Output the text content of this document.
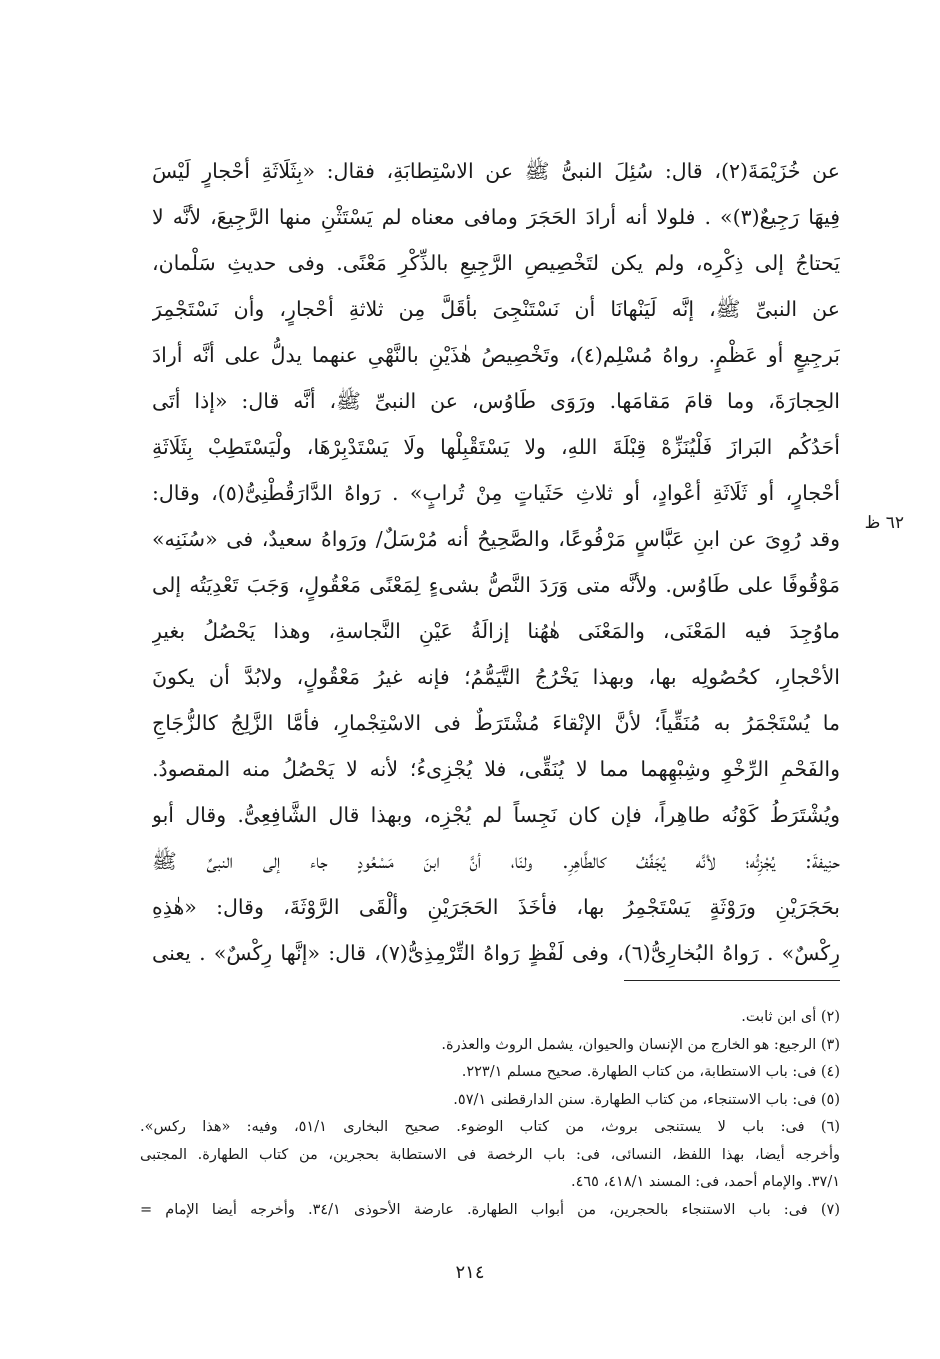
عن خُزَيْمَةَ(٢)، قال: سُئِلَ النبىُّ ﷺ عن الاسْتِطابَةِ، فقال: «بِثَلَاثَةِ أحْجارٍ لَيْسَ
فِيهَا رَجِيعٌ(٣)» . فلولا أنه أرادَ الحَجَرَ ومافى معناه لم يَسْتَثْنِ منها الرَّجِيعَ، لأنَّه لا
يَحتاجُ إلى ذِكْرِه، ولم يكن لتَخْصِيصِ الرَّجِيعِ بالذِّكْرِ مَعْنًى. وفى حديثِ سَلْمان،
عن النبىِّ ﷺ، إنَّه لَيَنْهانَا أن نَسْتَنْجِىَ بأقَلَّ مِن ثلاثةِ أحْجارٍ، وأن نَسْتَجْمِرَ
بَرجِيعٍ أو عَظْمٍ. رواهُ مُسْلِم(٤)، وتَخْصِيصُ هٰذَيْنِ بالنَّهْىِ عنهما يدلُّ على أنَّه أرادَ
الحِجارَةَ، وما قامَ مَقامَها. ورَوَى طَاوُس، عن النبىِّ ﷺ، أنَّه قال: «إذا أتَى
أحَدُكُم البَرازَ فَلْيُنَزِّهْ قِبْلَةَ اللهِ، ولا يَسْتَقْبِلْها ولَا يَسْتَدْبِرْهَا، ولْيَسْتَطِبْ بِثَلَاثَةِ
أحْجارٍ، أو ثَلَاثَةِ أعْوادٍ، أو ثلاثِ حَثَياتٍ مِنْ تُرابٍ» . رَواهُ الدَّارَقُطْنِىُّ(٥)، وقال:
وقد رُوِىَ عن ابنِ عَبَّاسٍ مَرْفُوعًا، والصَّحِيحُ أنه مُرْسَلٌ/ ورَواهُ سعيدٌ، فى «سُنَنِه»
مَوْقُوفًا على طَاوُس. ولأنَّه متى وَرَدَ النَّصُّ بشىءٍ لِمَعْنًى مَعْقُولٍ، وَجَبَ تَعْدِيَتُه إلى
ماوُجِدَ فيه المَعْنَى، والمَعْنَى هٰهُنا إزالَةُ عَيْنِ النَّجاسةِ، وهذا يَحْصُلُ بغيرِ
الأحْجارِ، كحُصُولِه بها، وبهذا يَخْرُجُ التَّيَمُّمُ؛ فإنه غيرُ مَعْقُولٍ، ولابُدَّ أن يكونَ
ما يُسْتَجْمَرُ به مُنَقِّياً؛ لأنَّ الإنْقاءَ مُشْتَرَطٌ فى الاسْتِجْمارِ، فأمَّا الزَّلِجُ كالزُّجَاجِ
والفَحْمِ الرِّخْوِ وشِبْهِهما مما لا يُنَقِّى، فلا يُجْزِىءُ؛ لأنه لا يَحْصُلُ منه المقصودُ.
ويُشْتَرَطُ كَوْنُه طاهِراً، فإن كان نَجِساً لم يُجْزِه، وبهذا قال الشَّافِعِىُّ. وقال أبو
حنِيفةَ: يُجْزِئُه؛ لأنَّه يُجَفِّفُ كالطَّاهِرِ. ولنَا، أنَّ ابنَ مَسْعُودٍ جاء إلى النبىِّ ﷺ
بحَجَرَيْنِ ورَوْثَةٍ يَسْتَجْمِرُ بها، فأخَذَ الحَجَرَيْنِ وألْقَى الرَّوْثَةَ، وقال: «هٰذِهِ
رِكْسٌ» . رَواهُ البُخارِىُّ(٦)، وفى لَفْظٍ رَواهُ التِّرْمِذِىُّ(٧)، قال: «إنَّها رِكْسٌ» . يعنى
٦٢ ظ
(٢) أى ابن ثابت.
(٣) الرجيع: هو الخارج من الإنسان والحيوان، يشمل الروث والعذرة.
(٤) فى: باب الاستطابة، من كتاب الطهارة. صحيح مسلم ٢٢٣/١.
(٥) فى: باب الاستنجاء، من كتاب الطهارة. سنن الدارقطنى ٥٧/١.
(٦) فى: باب لا يستنجى بروث، من كتاب الوضوء. صحيح البخارى ٥١/١، وفيه: «هذا ركس».
وأخرجه أيضا، بهذا اللفظ، النسائى، فى: باب الرخصة فى الاستطابة بحجرين، من كتاب الطهارة. المجتبى
٣٧/١. والإمام أحمد، فى: المسند ٤١٨/١، ٤٦٥.
(٧) فى: باب الاستنجاء بالحجرين، من أبواب الطهارة. عارضة الأحوذى ٣٤/١. وأخرجه أيضا الإمام =
٢١٤
